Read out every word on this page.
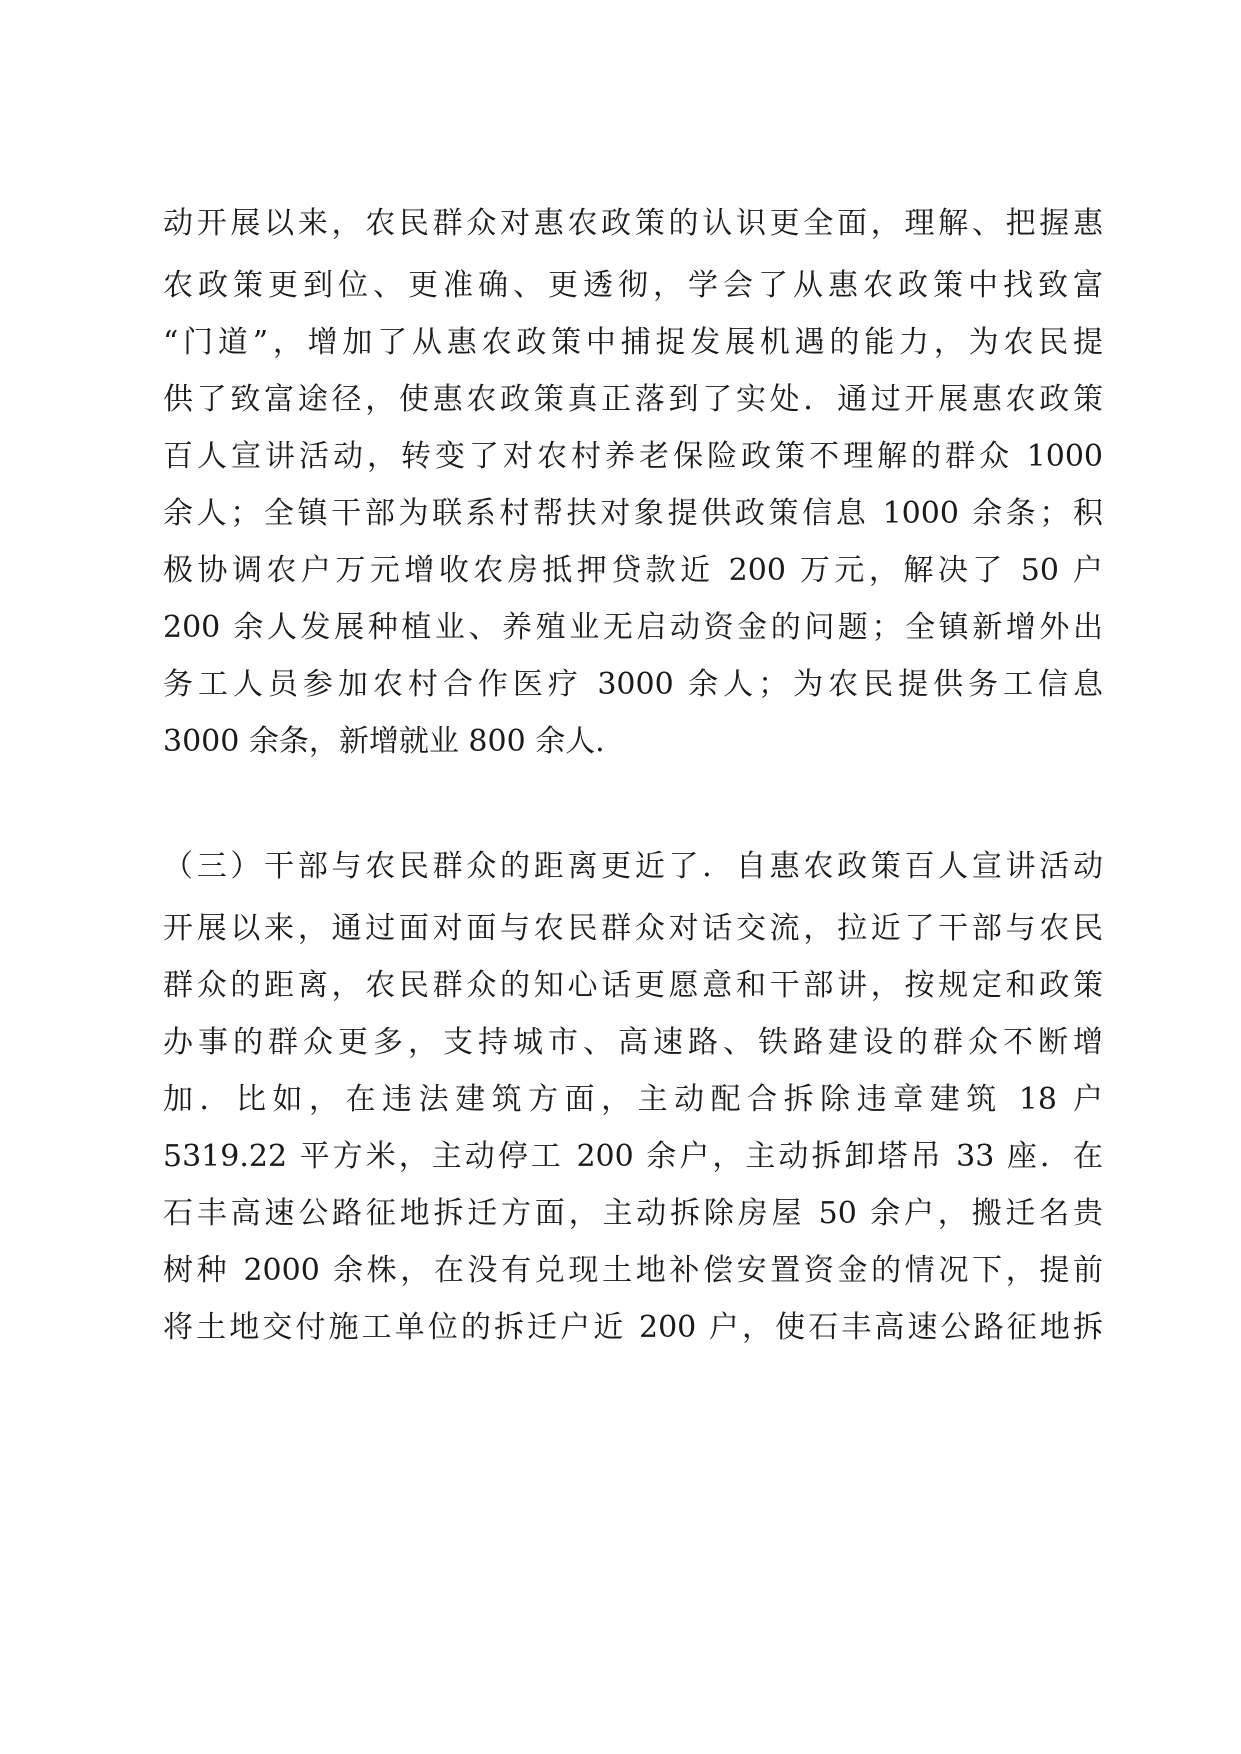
动开展以来，农民群众对惠农政策的认识更全面，理解、把握惠
农政策更到位、更准确、更透彻，学会了从惠农政策中找致富
“门道”，增加了从惠农政策中捕捉发展机遇的能力，为农民提
供了致富途径，使惠农政策真正落到了实处．通过开展惠农政策
百人宣讲活动，转变了对农村养老保险政策不理解的群众 1000
余人；全镇干部为联系村帮扶对象提供政策信息 1000 余条；积
极协调农户万元增收农房抵押贷款近 200 万元，解决了 50 户
200 余人发展种植业、养殖业无启动资金的问题；全镇新增外出
务工人员参加农村合作医疗 3000 余人；为农民提供务工信息
3000 余条，新增就业 800 余人．
（三）干部与农民群众的距离更近了．自惠农政策百人宣讲活动
开展以来，通过面对面与农民群众对话交流，拉近了干部与农民
群众的距离，农民群众的知心话更愿意和干部讲，按规定和政策
办事的群众更多，支持城市、高速路、铁路建设的群众不断增
加．比如，在违法建筑方面，主动配合拆除违章建筑 18 户
5319.22 平方米，主动停工 200 余户，主动拆卸塔吊 33 座．在
石丰高速公路征地拆迁方面，主动拆除房屋 50 余户，搬迁名贵
树种 2000 余株，在没有兑现土地补偿安置资金的情况下，提前
将土地交付施工单位的拆迁户近 200 户，使石丰高速公路征地拆
